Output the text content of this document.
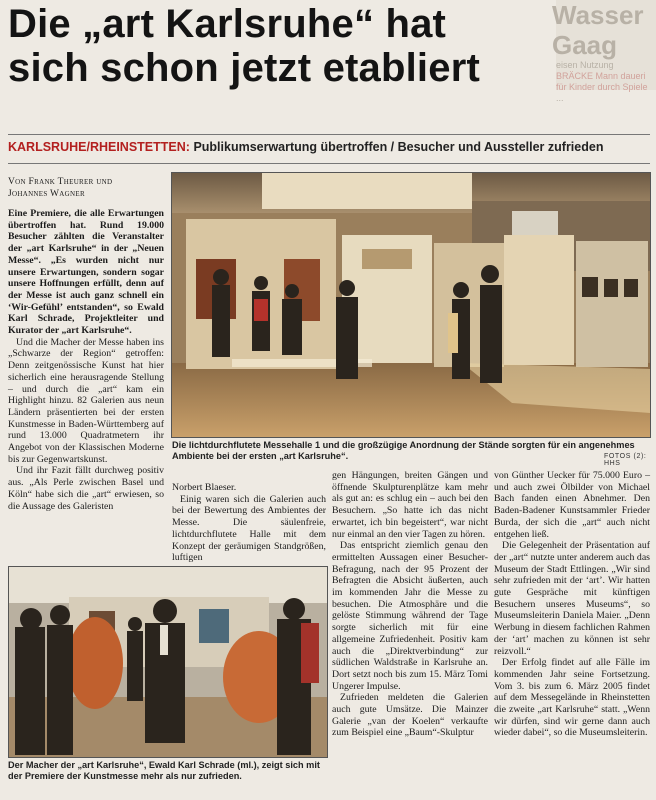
Wasser
Gaag
eisen Nutzung
BRÄCKE Mann daueri für Kinder durch Spiele
...
Die „art Karlsruhe“ hat
sich schon jetzt etabliert
KARLSRUHE/RHEINSTETTEN: Publikumserwartung übertroffen / Besucher und Aussteller zufrieden
Von Frank Theurer und
Johannes Wagner

Eine Premiere, die alle Erwartungen übertroffen hat. Rund 19.000 Besucher zählten die Veranstalter der „art Karlsruhe“ in der „Neuen Messe“. „Es wurden nicht nur unsere Erwartungen, sondern sogar unsere Hoffnungen erfüllt, denn auf der Messe ist auch ganz schnell ein ‘Wir-Gefühl’ entstanden“, so Ewald Karl Schrade, Projektleiter und Kurator der „art Karlsruhe“.

Und die Macher der Messe haben ins „Schwarze der Region“ getroffen: Denn zeitgenössische Kunst hat hier sicherlich eine herausragende Stellung – und durch die „art“ kam ein Highlight hinzu. 82 Galerien aus neun Ländern präsentierten bei der ersten Kunstmesse in Baden-Württemberg auf rund 13.000 Quadratmetern ihr Angebot von der Klassischen Moderne bis zur Gegenwartskunst.

Und ihr Fazit fällt durchweg positiv aus. „Als Perle zwischen Basel und Köln“ habe sich die „art“ erwiesen, so die Aussage des Galeristen

Die lichtdurchflutete Messehalle 1 und die großzügige Anordnung der Stände sorgten für ein angenehmes Ambiente bei der ersten „art Karlsruhe“.	FOTOS (2): HHS

Norbert Blaeser.

Einig waren sich die Galerien auch bei der Bewertung des Ambientes der Messe. Die säulenfreie, lichtdurchflutete Halle mit dem Konzept der geräumigen Standgrößen, luftigen

gen Hängungen, breiten Gängen und öffnende Skulpturenplätze kam mehr als gut an: es schlug ein – auch bei den Besuchern. „So hatte ich das nicht erwartet, ich bin begeistert“, war nicht nur einmal an den vier Tagen zu hören.

Das entspricht ziemlich genau den ermittelten Aussagen einer Besucher-Befragung, nach der 95 Prozent der Befragten die Absicht äußerten, auch im kommenden Jahr die Messe zu besuchen. Die Atmosphäre und die gelöste Stimmung während der Tage sorgte sicherlich mit für eine allgemeine Zufriedenheit. Positiv kam auch die „Direktverbindung“ zur südlichen Waldstraße in Karlsruhe an. Dort setzt noch bis zum 15. März Tomi Ungerer Impulse.

Zufrieden meldeten die Galerien auch gute Umsätze. Die Mainzer Galerie „van der Koelen“ verkaufte zum Beispiel eine „Baum“-Skulptur

von Günther Uecker für 75.000 Euro – und auch zwei Ölbilder von Michael Bach fanden einen Abnehmer. Den Baden-Badener Kunstsammler Frieder Burda, der sich die „art“ auch nicht entgehen ließ.

Die Gelegenheit der Präsentation auf der „art“ nutzte unter anderem auch das Museum der Stadt Ettlingen. „Wir sind sehr zufrieden mit der ‘art’. Wir hatten gute Gespräche mit künftigen Besuchern unseres Museums“, so Museumsleiterin Daniela Maier. „Denn Werbung in diesem fachlichen Rahmen der ‘art’ machen zu können ist sehr reizvoll.“

Der Erfolg findet auf alle Fälle im kommenden Jahr seine Fortsetzung. Vom 3. bis zum 6. März 2005 findet auf dem Messegelände in Rheinstetten die zweite „art Karlsruhe“ statt. „Wenn wir dürfen, sind wir gerne dann auch wieder dabei“, so die Museumsleiterin.

Der Macher der „art Karlsruhe“, Ewald Karl Schrade (ml.), zeigt sich mit der Premiere der Kunstmesse mehr als nur zufrieden.
